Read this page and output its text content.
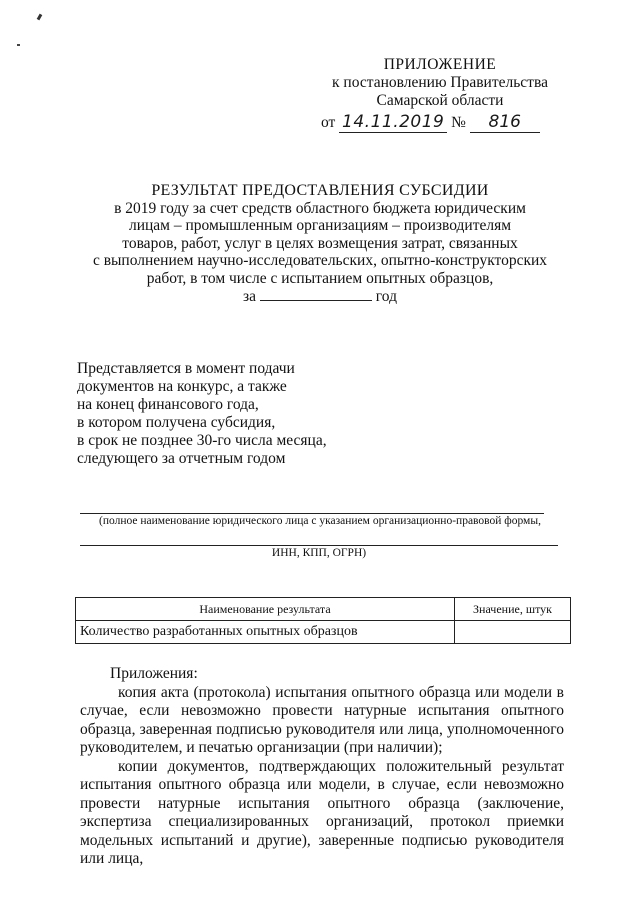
ПРИЛОЖЕНИЕ
к постановлению Правительства
Самарской области
от 14.11.2019 № 816
РЕЗУЛЬТАТ ПРЕДОСТАВЛЕНИЯ СУБСИДИИ
в 2019 году за счет средств областного бюджета юридическим
лицам – промышленным организациям – производителям
товаров, работ, услуг в целях возмещения затрат, связанных
с выполнением научно-исследовательских, опытно-конструкторских
работ, в том числе с испытанием опытных образцов,
за	год
Представляется в момент подачи
документов на конкурс, а также
на конец финансового года,
в котором получена субсидия,
в срок не позднее 30-го числа месяца,
следующего за отчетным годом
(полное наименование юридического лица с указанием организационно-правовой формы,
ИНН, КПП, ОГРН)
Наименование результата	Значение, штук
Количество разработанных опытных образцов	

Приложения:

копия акта (протокола) испытания опытного образца или модели в случае, если невозможно провести натурные испытания опытного образца, заверенная подписью руководителя или лица, уполномоченного руководителем, и печатью организации (при наличии);

копии документов, подтверждающих положительный результат испытания опытного образца или модели, в случае, если невозможно провести натурные испытания опытного образца (заключение, экспертиза специализированных организаций, протокол приемки модельных испытаний и другие), заверенные подписью руководителя или лица,
